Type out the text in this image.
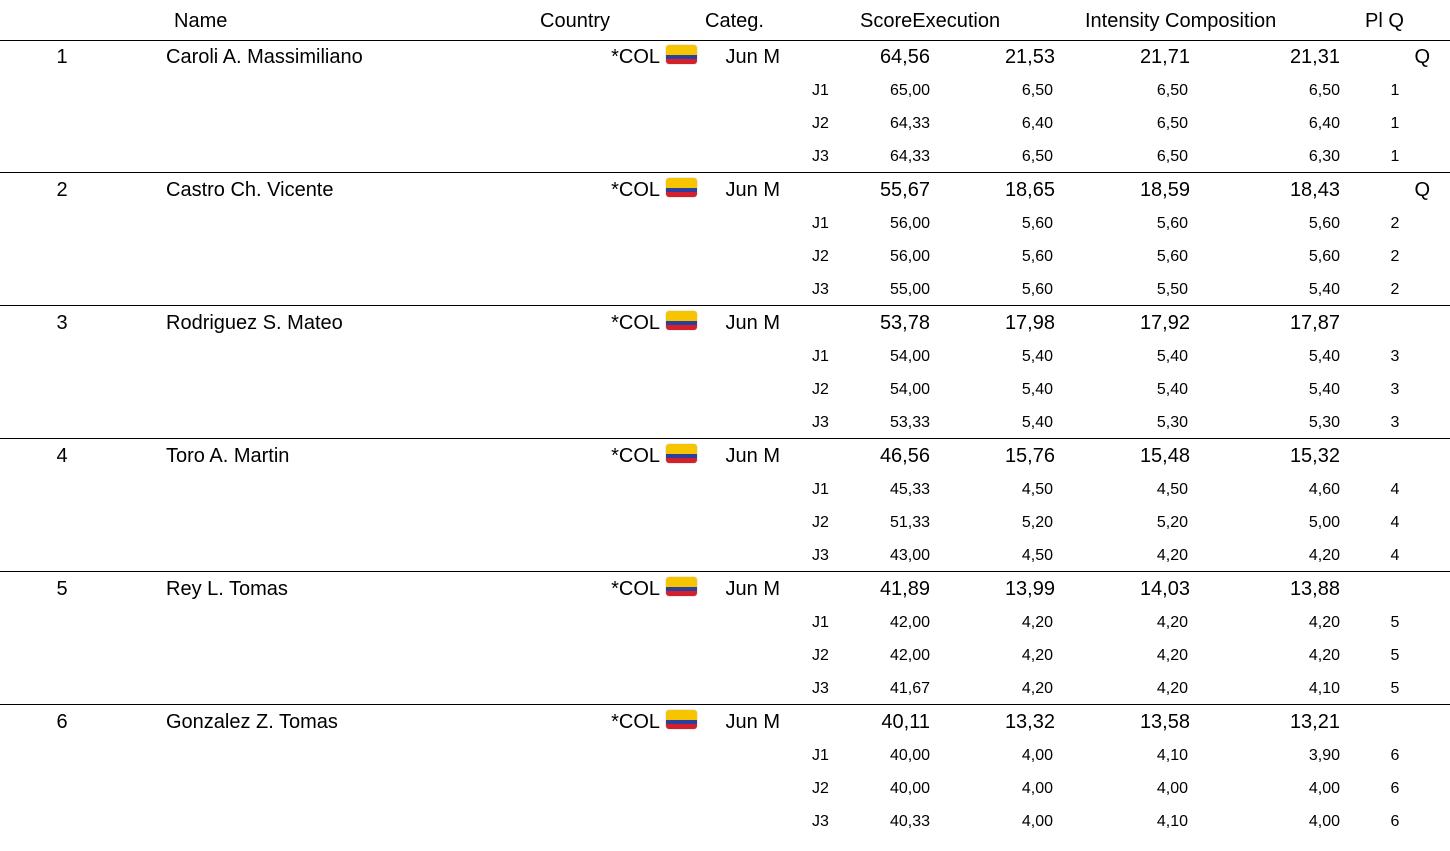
Name	Country	Categ.	ScoreExecution	Intensity Composition	Pl Q
1	Caroli A. Massimiliano	*COL	Jun M	64,56	21,53	21,71	21,31	Q
J1	65,00	6,50	6,50	6,50	1
J2	64,33	6,40	6,50	6,40	1
J3	64,33	6,50	6,50	6,30	1
2	Castro Ch. Vicente	*COL	Jun M	55,67	18,65	18,59	18,43	Q
J1	56,00	5,60	5,60	5,60	2
J2	56,00	5,60	5,60	5,60	2
J3	55,00	5,60	5,50	5,40	2
3	Rodriguez S. Mateo	*COL	Jun M	53,78	17,98	17,92	17,87
J1	54,00	5,40	5,40	5,40	3
J2	54,00	5,40	5,40	5,40	3
J3	53,33	5,40	5,30	5,30	3
4	Toro A. Martin	*COL	Jun M	46,56	15,76	15,48	15,32
J1	45,33	4,50	4,50	4,60	4
J2	51,33	5,20	5,20	5,00	4
J3	43,00	4,50	4,20	4,20	4
5	Rey L. Tomas	*COL	Jun M	41,89	13,99	14,03	13,88
J1	42,00	4,20	4,20	4,20	5
J2	42,00	4,20	4,20	4,20	5
J3	41,67	4,20	4,20	4,10	5
6	Gonzalez Z. Tomas	*COL	Jun M	40,11	13,32	13,58	13,21
J1	40,00	4,00	4,10	3,90	6
J2	40,00	4,00	4,00	4,00	6
J3	40,33	4,00	4,10	4,00	6
